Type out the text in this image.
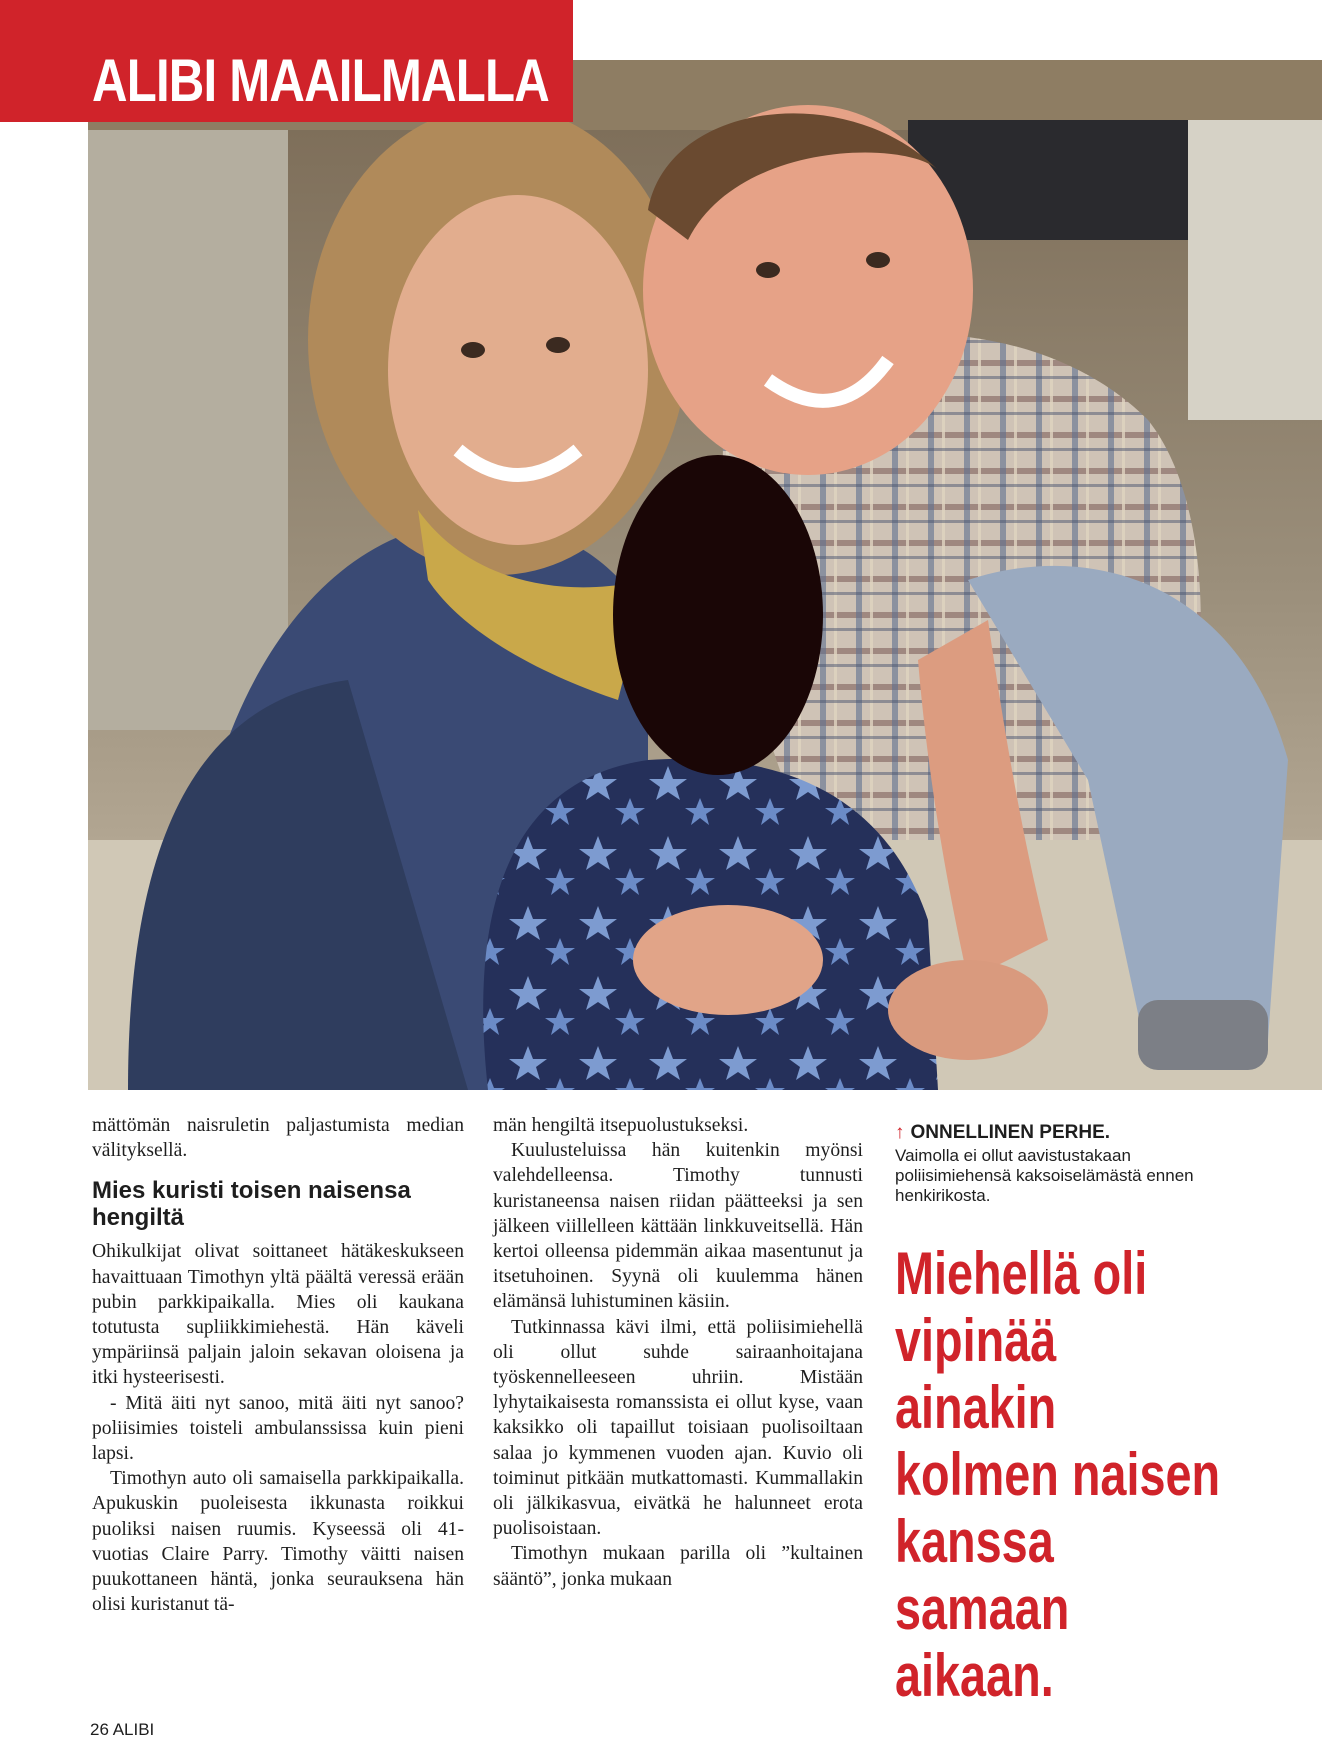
ALIBI MAAILMALLA

mättömän naisruletin paljastumista median välityksellä.

Mies kuristi toisen naisensa hengiltä

Ohikulkijat olivat soittaneet hätäkeskukseen havaittuaan Timothyn yltä päältä veressä erään pubin parkkipaikalla. Mies oli kaukana totutusta supliikkimiehestä. Hän käveli ympäriinsä paljain jaloin sekavan oloisena ja itki hysteerisesti.

- Mitä äiti nyt sanoo, mitä äiti nyt sanoo? poliisimies toisteli ambulanssissa kuin pieni lapsi.

Timothyn auto oli samaisella parkkipaikalla. Apukuskin puoleisesta ikkunasta roikkui puoliksi naisen ruumis. Kyseessä oli 41-vuotias Claire Parry. Timothy väitti naisen puukottaneen häntä, jonka seurauksena hän olisi kuristanut tä-

män hengiltä itsepuolustukseksi.

Kuulusteluissa hän kuitenkin myönsi valehdelleensa. Timothy tunnusti kuristaneensa naisen riidan päätteeksi ja sen jälkeen viillelleen kättään linkkuveitsellä. Hän kertoi olleensa pidemmän aikaa masentunut ja itsetuhoinen. Syynä oli kuulemma hänen elämänsä luhistuminen käsiin.

Tutkinnassa kävi ilmi, että poliisimiehellä oli ollut suhde sairaanhoitajana työskennelleeseen uhriin. Mistään lyhytaikaisesta romanssista ei ollut kyse, vaan kaksikko oli tapaillut toisiaan puolisoiltaan salaa jo kymmenen vuoden ajan. Kuvio oli toiminut pitkään mutkattomasti. Kummallakin oli jälkikasvua, eivätkä he halunneet erota puolisoistaan.

Timothyn mukaan parilla oli ”kultainen sääntö”, jonka mukaan

↑ ONNELLINEN PERHE.
Vaimolla ei ollut aavistustakaan poliisimiehensä kaksoiselämästä ennen henkirikosta.
Miehellä oli vipinää ainakin kolmen naisen kanssa samaan aikaan.
26 ALIBI
